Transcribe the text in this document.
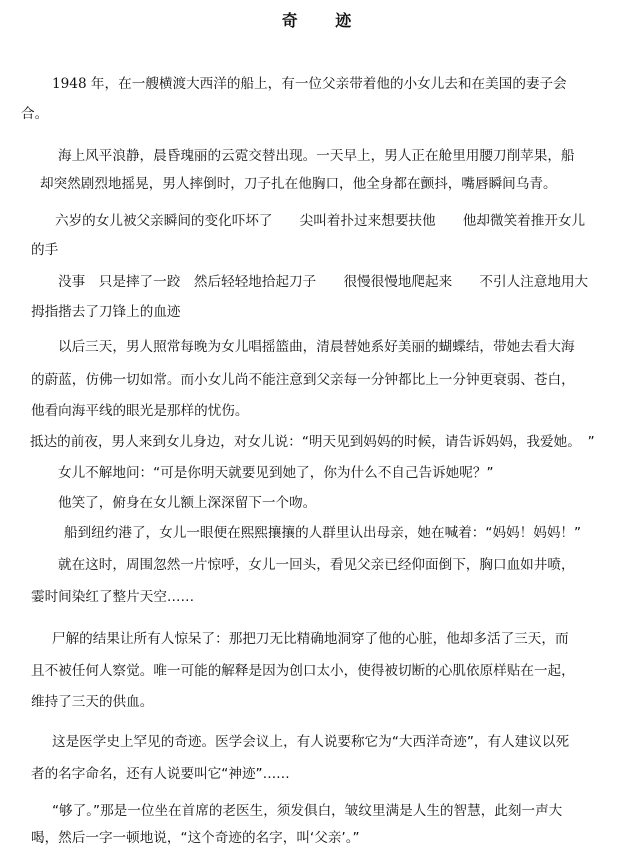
奇 迹
1948 年，在一艘横渡大西洋的船上，有一位父亲带着他的小女儿去和在美国的妻子会
合。
海上风平浪静，晨昏瑰丽的云霓交替出现。一天早上，男人正在舱里用腰刀削苹果，船
却突然剧烈地摇晃，男人摔倒时，刀子扎在他胸口，他全身都在颤抖，嘴唇瞬间乌青。
六岁的女儿被父亲瞬间的变化吓坏了　　尖叫着扑过来想要扶他　　他却微笑着推开女儿
的手
没事　只是摔了一跤　然后轻轻地拾起刀子　　很慢很慢地爬起来　　不引人注意地用大
拇指揩去了刀锋上的血迹
以后三天，男人照常每晚为女儿唱摇篮曲，清晨替她系好美丽的蝴蝶结，带她去看大海
的蔚蓝，仿佛一切如常。而小女儿尚不能注意到父亲每一分钟都比上一分钟更衰弱、苍白，
他看向海平线的眼光是那样的忧伤。
抵达的前夜，男人来到女儿身边，对女儿说：“明天见到妈妈的时候，请告诉妈妈，我爱她。　”
女儿不解地问：“可是你明天就要见到她了，你为什么不自己告诉她呢？”
他笑了，俯身在女儿额上深深留下一个吻。
船到纽约港了，女儿一眼便在熙熙攘攘的人群里认出母亲，她在喊着：“妈妈！妈妈！”
就在这时，周围忽然一片惊呼，女儿一回头，看见父亲已经仰面倒下，胸口血如井喷，
霎时间染红了整片天空……
尸解的结果让所有人惊呆了：那把刀无比精确地洞穿了他的心脏，他却多活了三天，而
且不被任何人察觉。唯一可能的解释是因为创口太小，使得被切断的心肌依原样贴在一起，
维持了三天的供血。
这是医学史上罕见的奇迹。医学会议上，有人说要称它为“大西洋奇迹”，有人建议以死
者的名字命名，还有人说要叫它“神迹”……
“够了。”那是一位坐在首席的老医生，须发俱白，皱纹里满是人生的智慧，此刻一声大
喝，然后一字一顿地说，“这个奇迹的名字，叫‘父亲’。”
